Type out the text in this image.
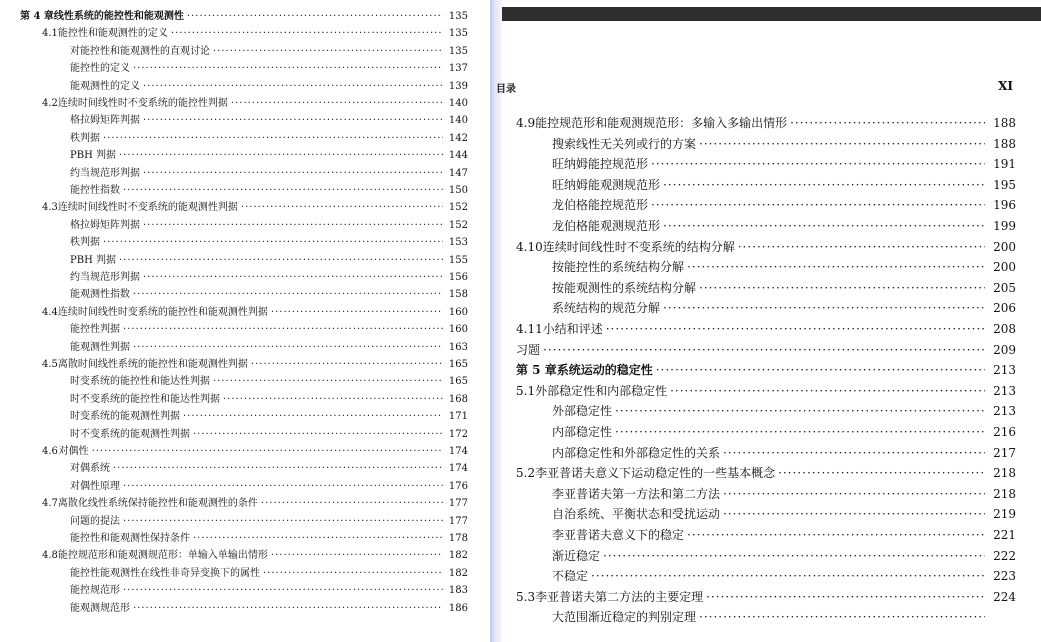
第 4 章 线性系统的能控性和能观测性 ·····	135
4.1 能控性和能观测性的定义 ·····	135
对能控性和能观测性的直观讨论 ·····	135
能控性的定义 ·····	137
能观测性的定义 ·····	139
4.2 连续时间线性时不变系统的能控性判据 ·····	140
格拉姆矩阵判据 ·····	140
秩判据 ·····	142
PBH 判据 ·····	144
约当规范形判据 ·····	147
能控性指数 ·····	150
4.3 连续时间线性时不变系统的能观测性判据 ·····	152
格拉姆矩阵判据 ·····	152
秩判据 ·····	153
PBH 判据 ·····	155
约当规范形判据 ·····	156
能观测性指数 ·····	158
4.4 连续时间线性时变系统的能控性和能观测性判据 ·····	160
能控性判据 ·····	160
能观测性判据 ·····	163
4.5 离散时间线性系统的能控性和能观测性判据 ·····	165
时变系统的能控性和能达性判据 ·····	165
时不变系统的能控性和能达性判据 ·····	168
时变系统的能观测性判据 ·····	171
时不变系统的能观测性判据 ·····	172
4.6 对偶性 ·····	174
对偶系统 ·····	174
对偶性原理 ·····	176
4.7 离散化线性系统保持能控性和能观测性的条件 ·····	177
问题的提法 ·····	177
能控性和能观测性保持条件 ·····	178
4.8 能控规范形和能观测规范形：单输入单输出情形 ·····	182
能控性能观测性在线性非奇异变换下的属性 ·····	182
能控规范形 ·····	183
能观测规范形 ·····	186
目录	XI
4.9 能控规范形和能观测规范形：多输入多输出情形 ·····	188
搜索线性无关列或行的方案 ·····	188
旺纳姆能控规范形 ·····	191
旺纳姆能观测规范形 ·····	195
龙伯格能控规范形 ·····	196
龙伯格能观测规范形 ·····	199
4.10 连续时间线性时不变系统的结构分解 ·····	200
按能控性的系统结构分解 ·····	200
按能观测性的系统结构分解 ·····	205
系统结构的规范分解 ·····	206
4.11 小结和评述 ·····	208
习题 ·····	209
第 5 章 系统运动的稳定性 ·····	213
5.1 外部稳定性和内部稳定性 ·····	213
外部稳定性 ·····	213
内部稳定性 ·····	216
内部稳定性和外部稳定性的关系 ·····	217
5.2 李亚普诺夫意义下运动稳定性的一些基本概念 ·····	218
李亚普诺夫第一方法和第二方法 ·····	218
自治系统、平衡状态和受扰运动 ·····	219
李亚普诺夫意义下的稳定 ·····	221
渐近稳定 ·····	222
不稳定 ·····	223
5.3 李亚普诺夫第二方法的主要定理 ·····	224
大范围渐近稳定的判别定理
·····
